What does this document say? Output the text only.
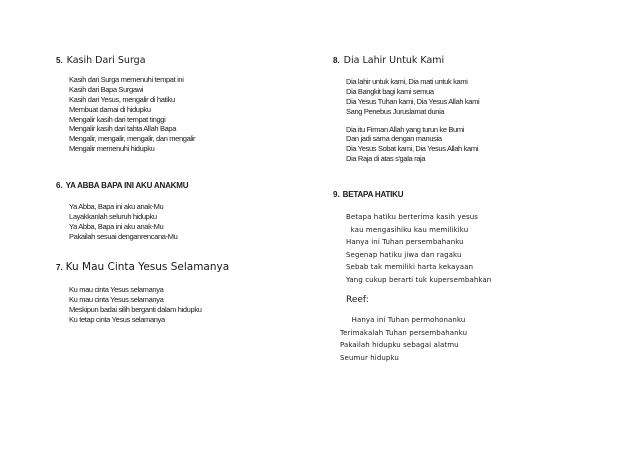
5. Kasih Dari Surga
Kasih dari Surga memenuhi tempat ini
Kasih dari Bapa Surgawi
Kasih dari Yesus, mengalir di hatiku
Membuat damai di hidupku
Mengalir kasih dari tempat tinggi
Mengalir kasih dari tahta Allah Bapa
Mengalir, mengalir, mengalir, dan mengalir
Mengalir memenuhi hidupku
6. YA ABBA BAPA INI AKU ANAKMU
Ya Abba, Bapa ini aku anak-Mu
Layakkanlah seluruh hidupku
Ya Abba, Bapa ini aku anak-Mu
Pakailah sesuai denganrencana-Mu
7. Ku Mau Cinta Yesus Selamanya
Ku mau cinta Yesus selamanya
Ku mau cinta Yesus selamanya
Meskipun badai silih berganti dalam hidupku
Ku tetap cinta Yesus selamanya
8. Dia Lahir Untuk Kami
Dia lahir untuk kami, Dia mati untuk kami
Dia Bangkit bagi kami semua
Dia Yesus Tuhan kami, Dia Yesus Allah kami
Sang Penebus Juruslamat dunia
Dia itu Firman Allah yang turun ke Bumi
Dan jadi sama dengan manusia
Dia Yesus Sobat kami, Dia Yesus Allah kami
Dia Raja di atas s'gala raja
9. BETAPA HATIKU
Betapa hatiku berterima kasih yesus
kau mengasihiku kau memilikiku
Hanya ini Tuhan persembahanku
Segenap hatiku jiwa dan ragaku
Sebab tak memiliki harta kekayaan
Yang cukup berarti tuk kupersembahkan
Reef:
Hanya ini Tuhan permohonanku
Terimakalah Tuhan persembahanku
Pakailah hidupku sebagai alatmu
Seumur hidupku
